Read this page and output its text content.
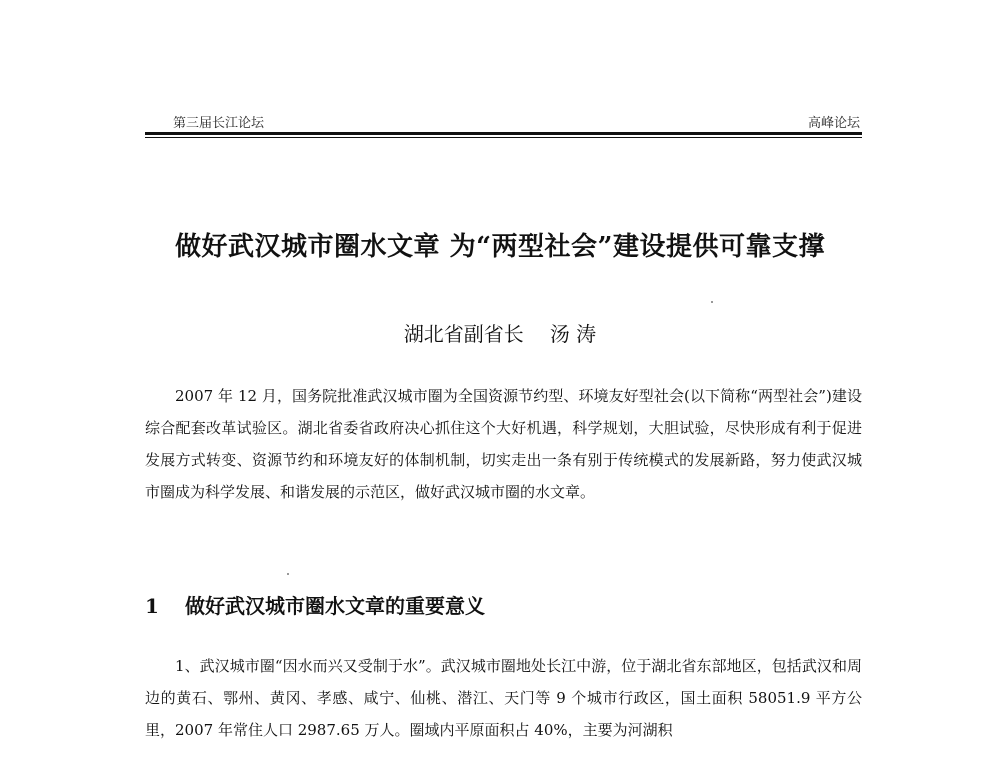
第三届长江论坛	高峰论坛
做好武汉城市圈水文章 为“两型社会”建设提供可靠支撑
湖北省副省长 汤 涛
2007 年 12 月，国务院批准武汉城市圈为全国资源节约型、环境友好型社会(以下简称“两型社会”)建设综合配套改革试验区。湖北省委省政府决心抓住这个大好机遇，科学规划，大胆试验，尽快形成有利于促进发展方式转变、资源节约和环境友好的体制机制，切实走出一条有别于传统模式的发展新路，努力使武汉城市圈成为科学发展、和谐发展的示范区，做好武汉城市圈的水文章。
1 做好武汉城市圈水文章的重要意义
1、武汉城市圈“因水而兴又受制于水”。武汉城市圈地处长江中游，位于湖北省东部地区，包括武汉和周边的黄石、鄂州、黄冈、孝感、咸宁、仙桃、潜江、天门等 9 个城市行政区，国土面积 58051.9 平方公里，2007 年常住人口 2987.65 万人。圈域内平原面积占 40%，主要为河湖积
